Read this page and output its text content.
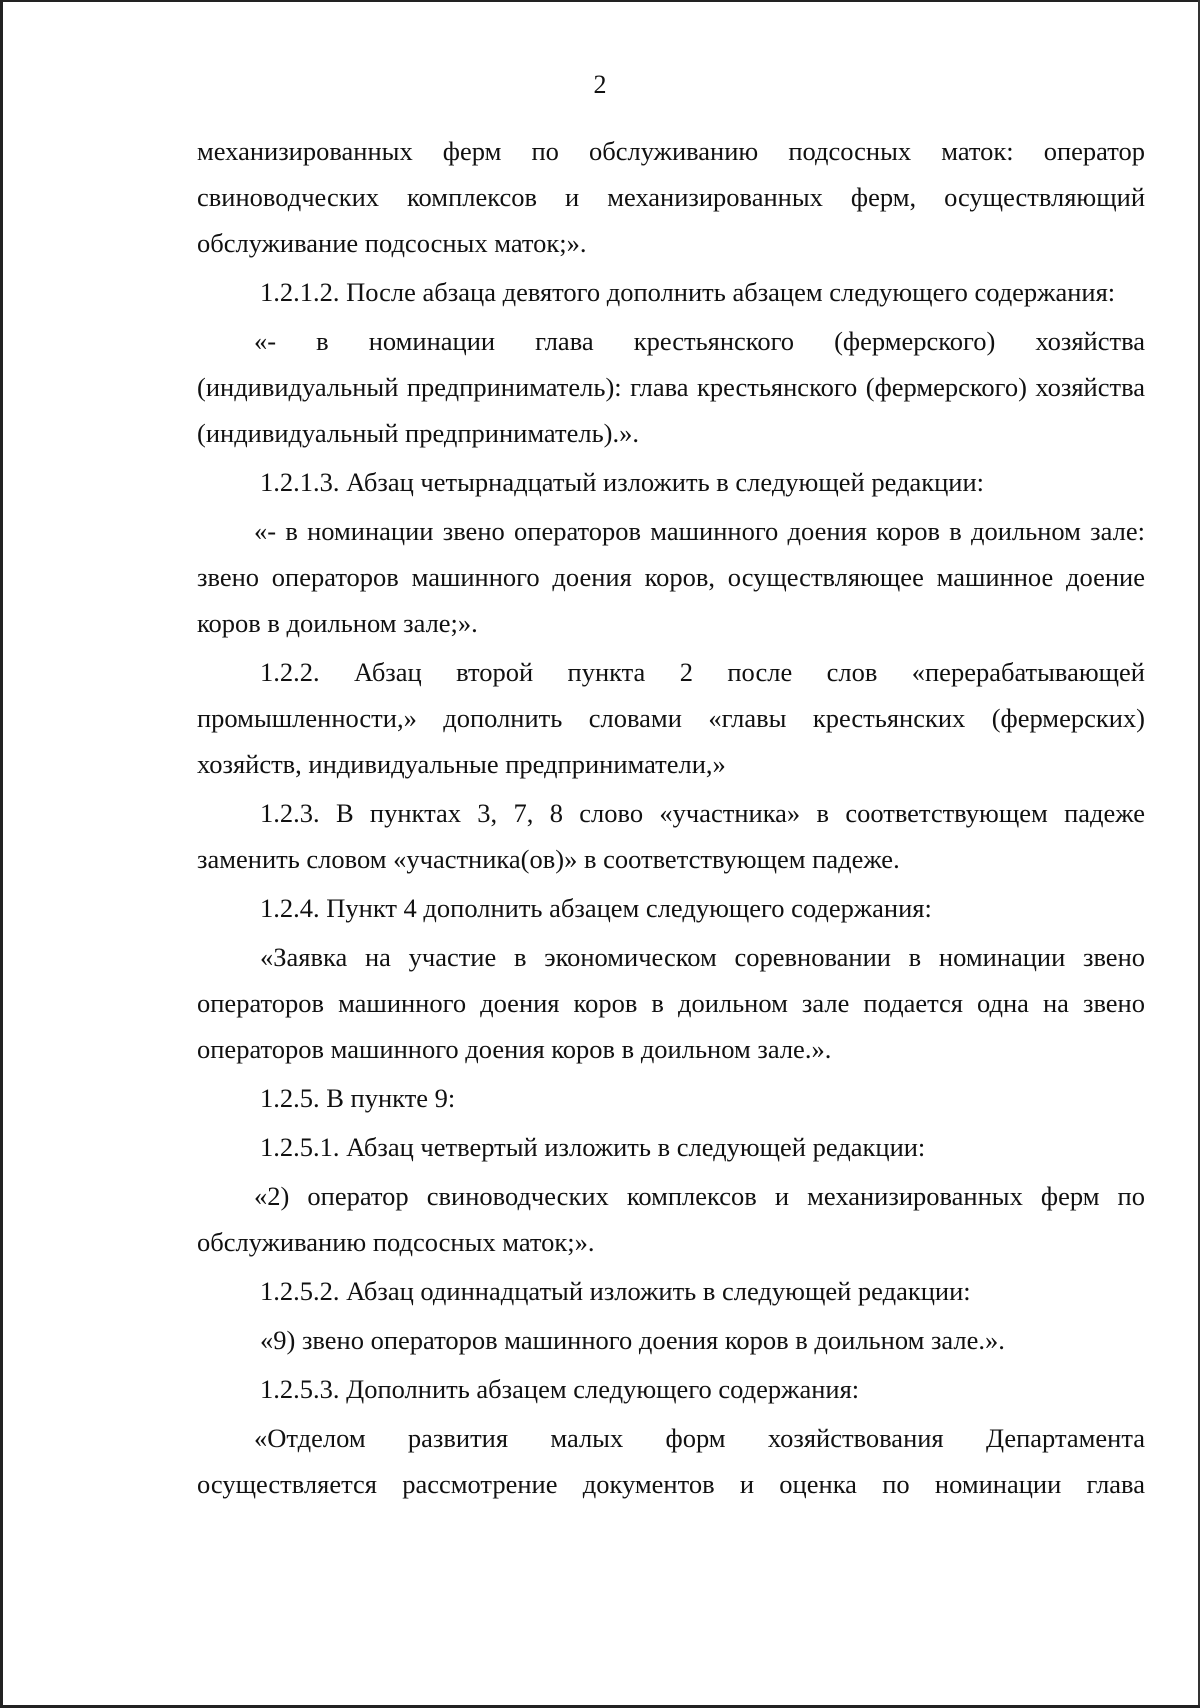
2

механизированных ферм по обслуживанию подсосных маток: оператор свиноводческих комплексов и механизированных ферм, осуществляющий обслуживание подсосных маток;».

1.2.1.2. После абзаца девятого дополнить абзацем следующего содержания:

«- в номинации глава крестьянского (фермерского) хозяйства (индивидуальный предприниматель): глава крестьянского (фермерского) хозяйства (индивидуальный предприниматель).».

1.2.1.3. Абзац четырнадцатый изложить в следующей редакции:

«- в номинации звено операторов машинного доения коров в доильном зале: звено операторов машинного доения коров, осуществляющее машинное доение коров в доильном зале;».

1.2.2. Абзац второй пункта 2 после слов «перерабатывающей промышленности,» дополнить словами «главы крестьянских (фермерских) хозяйств, индивидуальные предприниматели,»

1.2.3. В пунктах 3, 7, 8 слово «участника» в соответствующем падеже заменить словом «участника(ов)» в соответствующем падеже.

1.2.4. Пункт 4 дополнить абзацем следующего содержания:

«Заявка на участие в экономическом соревновании в номинации звено операторов машинного доения коров в доильном зале подается одна на звено операторов машинного доения коров в доильном зале.».

1.2.5. В пункте 9:

1.2.5.1. Абзац четвертый изложить в следующей редакции:

«2) оператор свиноводческих комплексов и механизированных ферм по обслуживанию подсосных маток;».

1.2.5.2. Абзац одиннадцатый изложить в следующей редакции:

«9) звено операторов машинного доения коров в доильном зале.».

1.2.5.3. Дополнить абзацем следующего содержания:

«Отделом развития малых форм хозяйствования Департамента осуществляется рассмотрение документов и оценка по номинации глава
